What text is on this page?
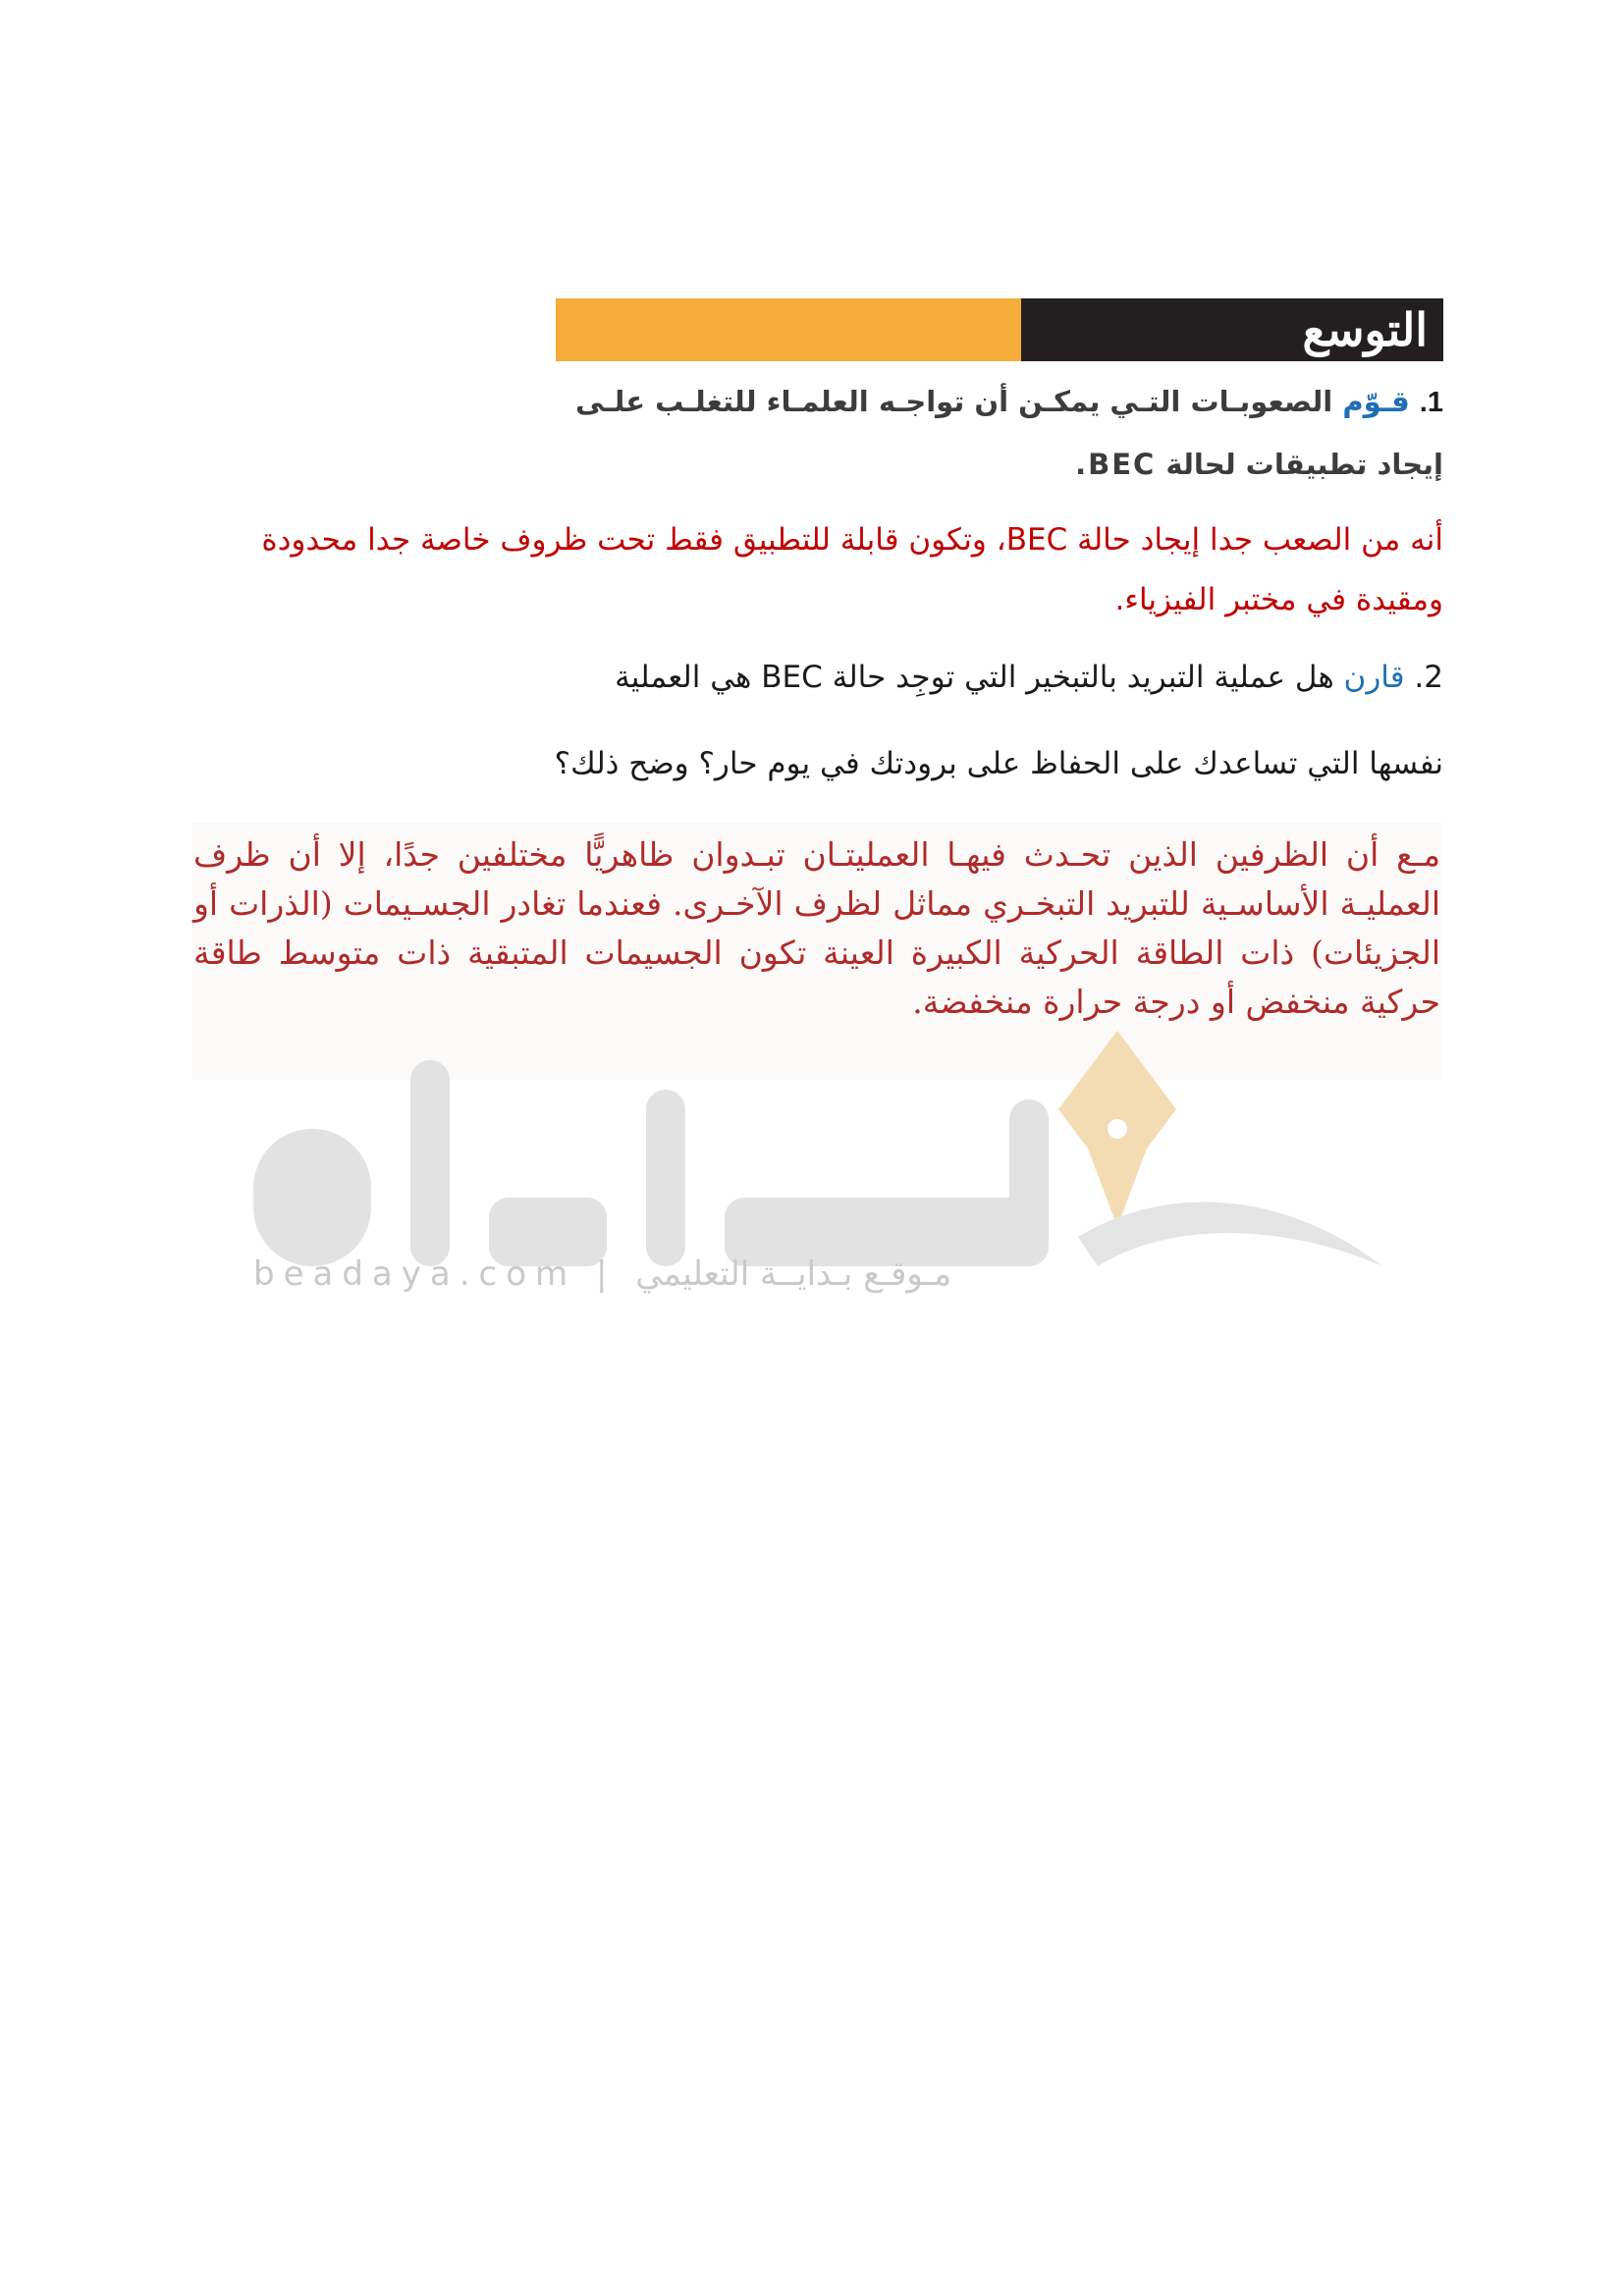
التوسع
1. قـوّم الصعوبـات التـي يمكـن أن تواجـه العلمـاء للتغلـب علـى
إيجاد تطبيقات لحالة BEC.
أنه من الصعب جدا إيجاد حالة BEC، وتكون قابلة للتطبيق فقط تحت ظروف خاصة جدا محدودة ومقيدة في مختبر الفيزياء.
2. قارن هل عملية التبريد بالتبخير التي توجِد حالة BEC هي العملية
نفسها التي تساعدك على الحفاظ على برودتك في يوم حار؟ وضح ذلك؟
مـع أن الظرفين الذين تحـدث فيهـا العمليتـان تبـدوان ظاهريًّا مختلفين جدًا، إلا أن ظرف العمليـة الأساسـية للتبريد التبخـري مماثل لظرف الآخـرى. فعندما تغادر الجسـيمات (الذرات أو الجزيئات) ذات الطاقة الحركية الكبيرة العينة تكون الجسيمات المتبقية ذات متوسط طاقة حركية منخفض أو درجة حرارة منخفضة.
beadaya.com | مـوقـع بـدايــة التعليمي
